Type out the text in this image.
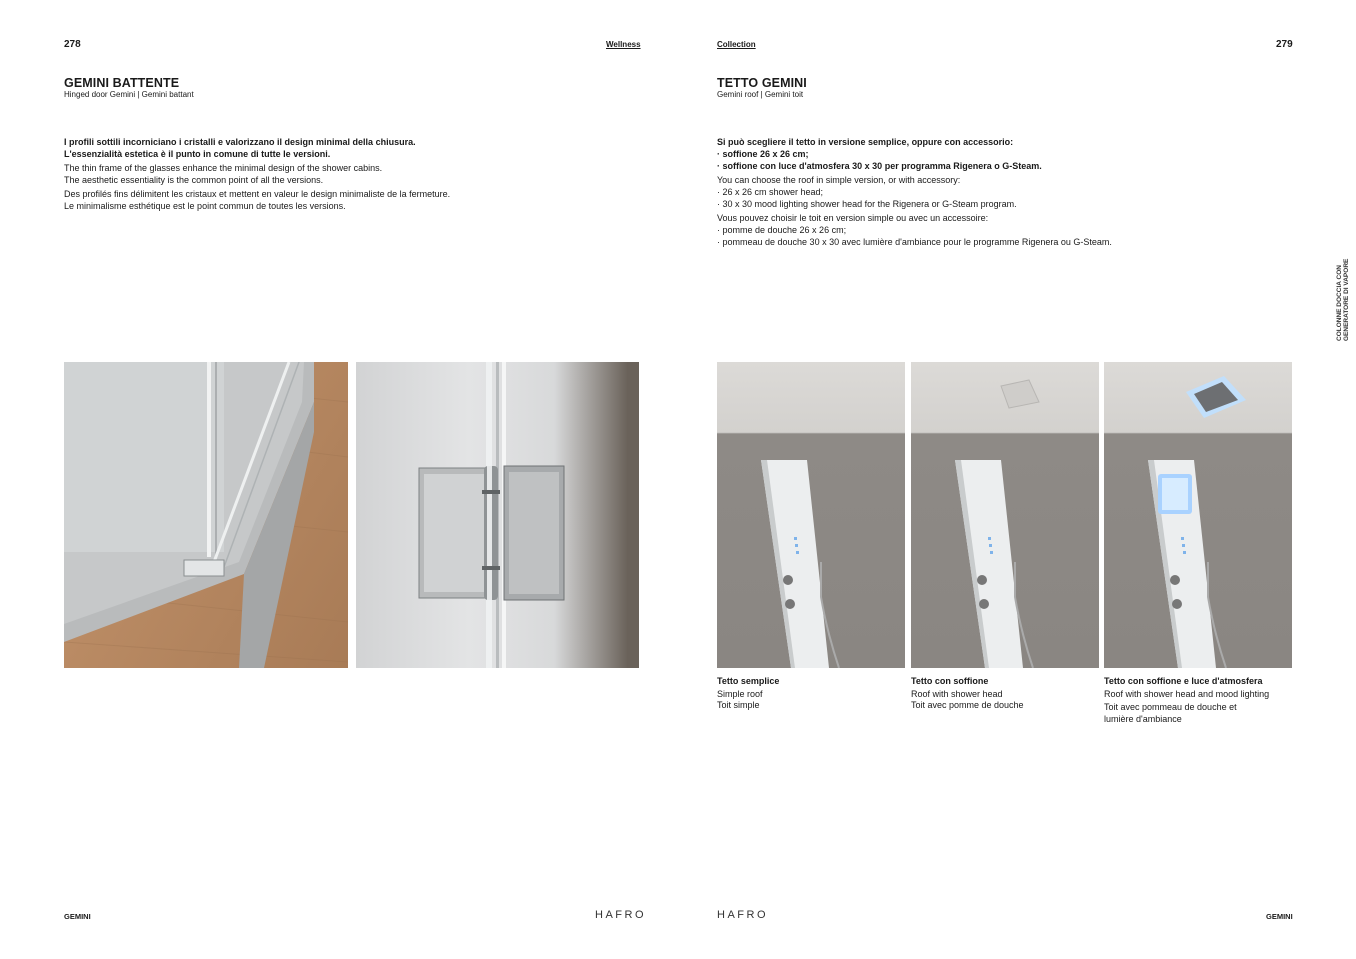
278	Wellness
GEMINI BATTENTE
Hinged door Gemini | Gemini battant

I profili sottili incorniciano i cristalli e valorizzano il design minimal della chiusura.

L'essenzialità estetica è il punto in comune di tutte le versioni.

The thin frame of the glasses enhance the minimal design of the shower cabins.

The aesthetic essentiality is the common point of all the versions.

Des profilés fins délimitent les cristaux et mettent en valeur le design minimaliste de la fermeture.

Le minimalisme esthétique est le point commun de toutes les versions.

GEMINI	HAFRO
Collection	279
TETTO GEMINI
Gemini roof | Gemini toit

Si può scegliere il tetto in versione semplice, oppure con accessorio:

· soffione 26 x 26 cm;

· soffione con luce d'atmosfera 30 x 30 per programma Rigenera o G-Steam.

You can choose the roof in simple version, or with accessory:

· 26 x 26 cm shower head;

· 30 x 30 mood lighting shower head for the Rigenera or G-Steam program.

Vous pouvez choisir le toit en version simple ou avec un accessoire:

· pomme de douche 26 x 26 cm;

· pommeau de douche 30 x 30 avec lumière d'ambiance pour le programme Rigenera ou G-Steam.

COLONNE DOCCIA CON GENERATORE DI VAPORE
Tetto semplice
Simple roof
Toit simple
Tetto con soffione
Roof with shower head
Toit avec pomme de douche
Tetto con soffione e luce d'atmosfera
Roof with shower head and mood lighting
Toit avec pommeau de douche et
lumière d'ambiance
HAFRO	GEMINI
